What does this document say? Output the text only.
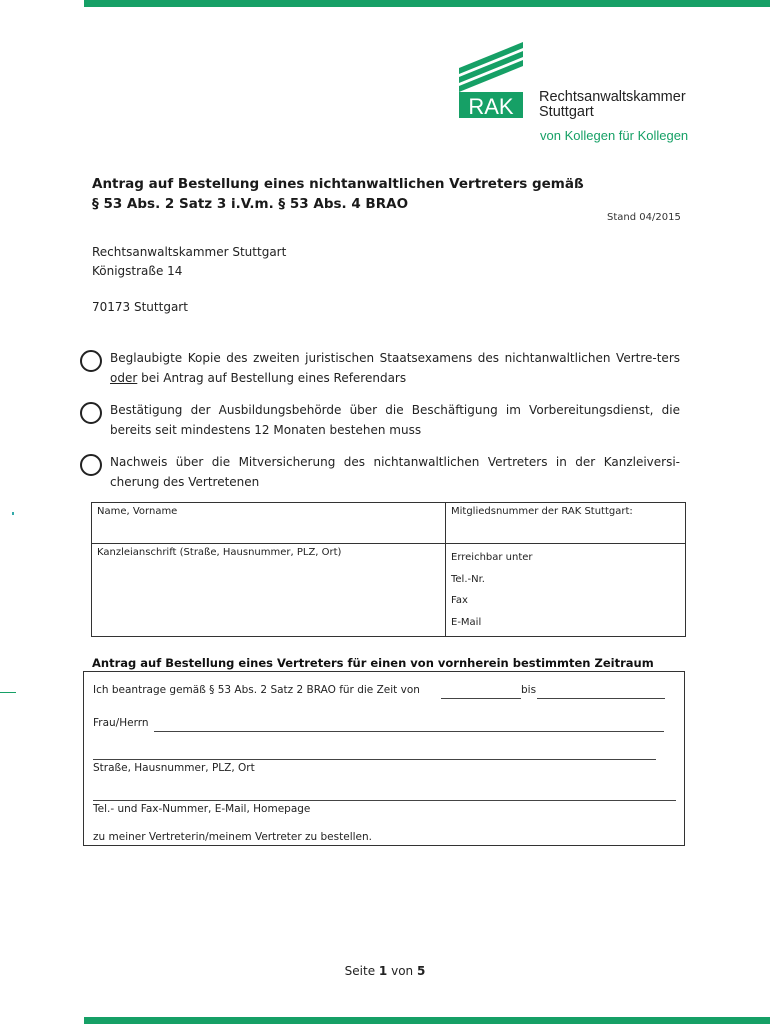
RAK Rechtsanwaltskammer
Stuttgart
von Kollegen für Kollegen
Antrag auf Bestellung eines nichtanwaltlichen Vertreters gemäß
§ 53 Abs. 2 Satz 3 i.V.m. § 53 Abs. 4 BRAO
Stand 04/2015
Rechtsanwaltskammer Stuttgart
Königstraße 14
70173 Stuttgart
Beglaubigte Kopie des zweiten juristischen Staatsexamens des nichtanwaltlichen Vertre-ters oder bei Antrag auf Bestellung eines Referendars
Bestätigung der Ausbildungsbehörde über die Beschäftigung im Vorbereitungsdienst, die bereits seit mindestens 12 Monaten bestehen muss
Nachweis über die Mitversicherung des nichtanwaltlichen Vertreters in der Kanzleiversi-cherung des Vertretenen
Name, Vorname	Mitgliedsnummer der RAK Stuttgart:
Kanzleianschrift (Straße, Hausnummer, PLZ, Ort)	Erreichbar unter
Tel.-Nr.
Fax
E-Mail
Antrag auf Bestellung eines Vertreters für einen von vornherein bestimmten Zeitraum
Ich beantrage gemäß § 53 Abs. 2 Satz 2 BRAO für die Zeit von	bis
Frau/Herrn
Straße, Hausnummer, PLZ, Ort
Tel.- und Fax-Nummer, E-Mail, Homepage
zu meiner Vertreterin/meinem Vertreter zu bestellen.
Seite 1 von 5
